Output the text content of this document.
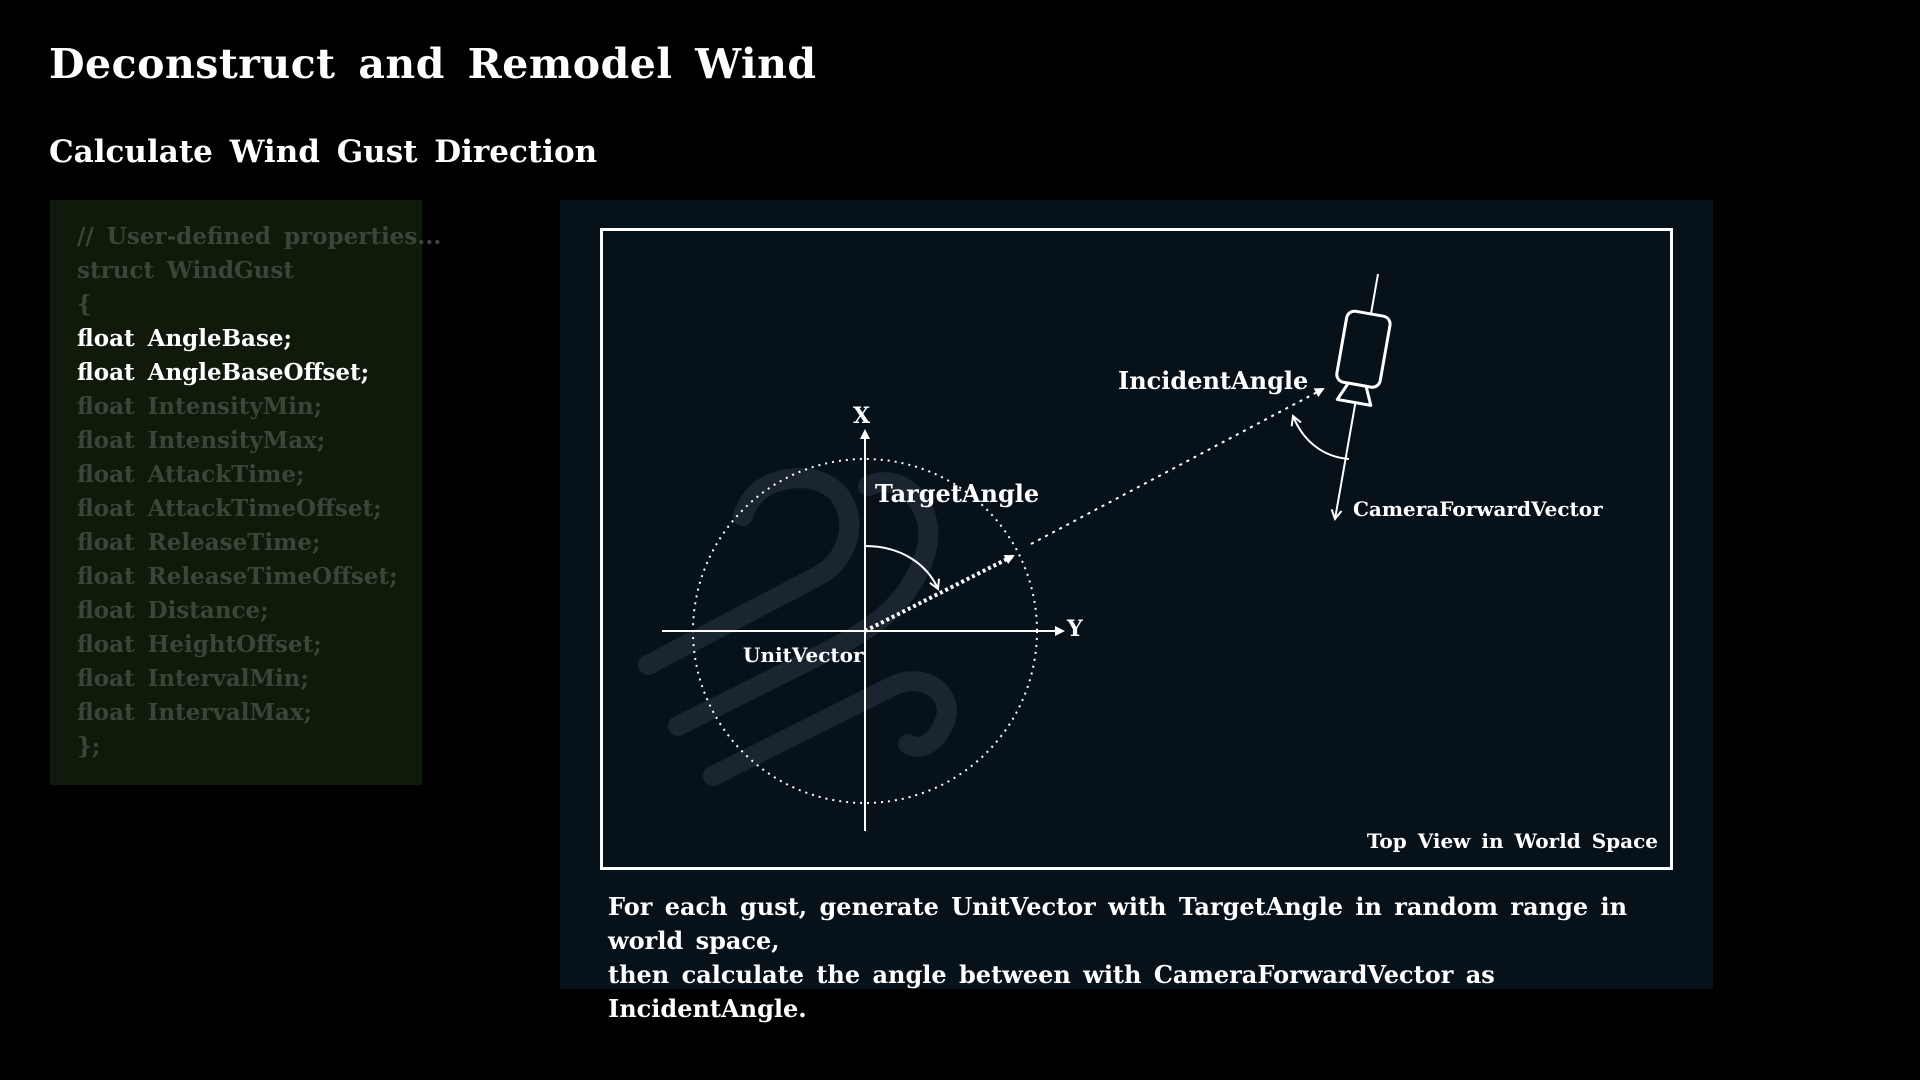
Deconstruct and Remodel Wind
Calculate Wind Gust Direction
// User-defined properties...
struct WindGust
{
float AngleBase;
float AngleBaseOffset;
float IntensityMin;
float IntensityMax;
float AttackTime;
float AttackTimeOffset;
float ReleaseTime;
float ReleaseTimeOffset;
float Distance;
float HeightOffset;
float IntervalMin;
float IntervalMax;
};
X
Y
TargetAngle
UnitVector
IncidentAngle
CameraForwardVector
Top View in World Space
For each gust, generate UnitVector with TargetAngle in random range in world space,
then calculate the angle between with CameraForwardVector as IncidentAngle.
